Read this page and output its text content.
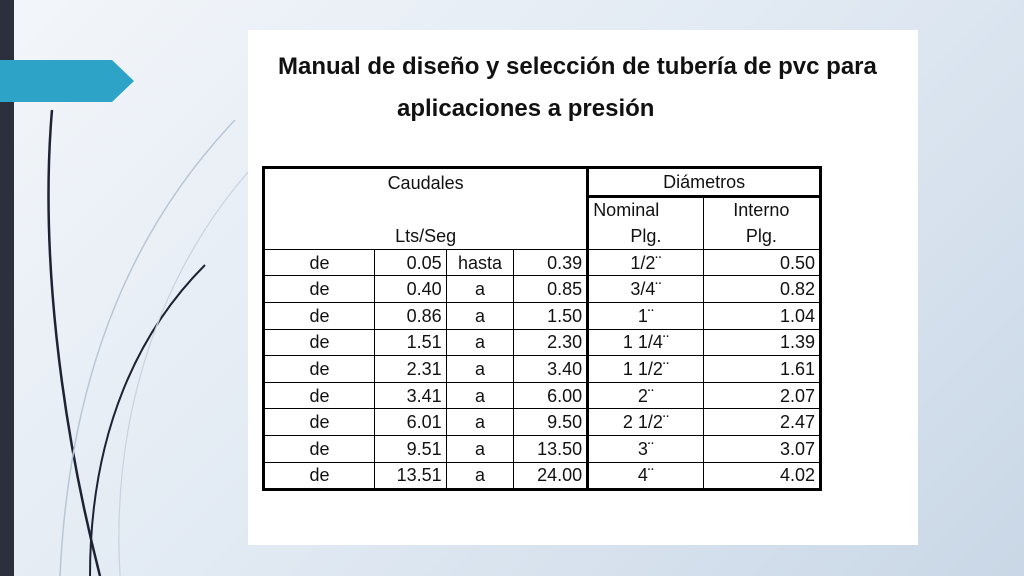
Manual de diseño y selección de tubería de pvc para
aplicaciones a presión
Caudales				Diámetros	
				Nominal	Interno
Lts/Seg				Plg.	Plg.
de	0.05	hasta	0.39	1/2¨	0.50
de	0.40	a	0.85	3/4¨	0.82
de	0.86	a	1.50	1¨	1.04
de	1.51	a	2.30	1 1/4¨	1.39
de	2.31	a	3.40	1 1/2¨	1.61
de	3.41	a	6.00	2¨	2.07
de	6.01	a	9.50	2 1/2¨	2.47
de	9.51	a	13.50	3¨	3.07
de	13.51	a	24.00	4¨	4.02
